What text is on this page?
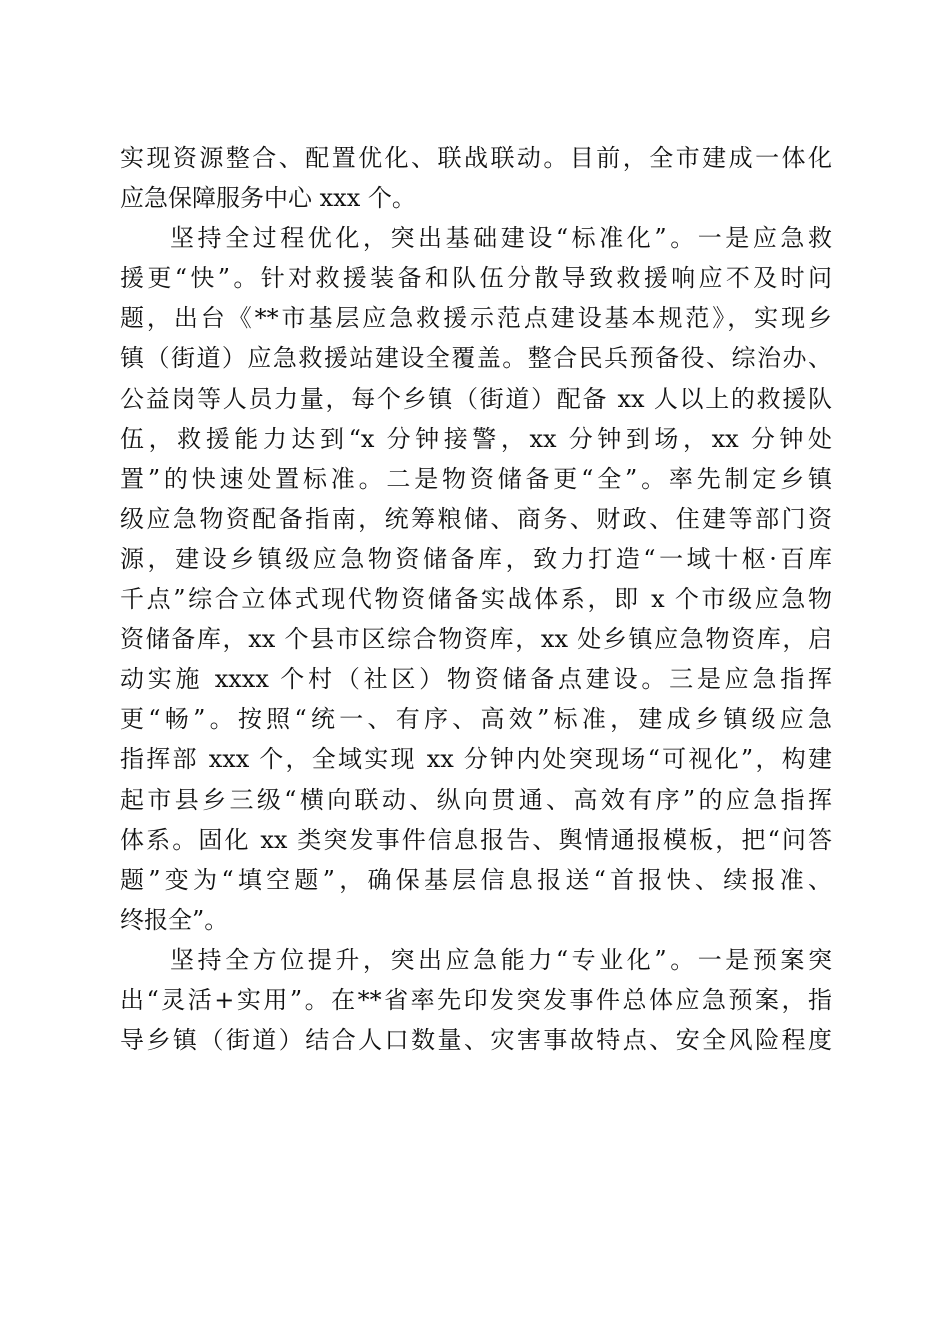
实现资源整合、配置优化、联战联动。目前，全市建成一体化
应急保障服务中心 xxx 个。
坚持全过程优化，突出基础建设“标准化”。一是应急救
援更“快”。针对救援装备和队伍分散导致救援响应不及时问
题，出台《**市基层应急救援示范点建设基本规范》，实现乡
镇（街道）应急救援站建设全覆盖。整合民兵预备役、综治办、
公益岗等人员力量，每个乡镇（街道）配备 xx 人以上的救援队
伍，救援能力达到“x 分钟接警，xx 分钟到场，xx 分钟处
置”的快速处置标准。二是物资储备更“全”。率先制定乡镇
级应急物资配备指南，统筹粮储、商务、财政、住建等部门资
源，建设乡镇级应急物资储备库，致力打造“一域十枢·百库
千点”综合立体式现代物资储备实战体系，即 x 个市级应急物
资储备库，xx 个县市区综合物资库，xx 处乡镇应急物资库，启
动实施 xxxx 个村（社区）物资储备点建设。三是应急指挥
更“畅”。按照“统一、有序、高效”标准，建成乡镇级应急
指挥部 xxx 个，全域实现 xx 分钟内处突现场“可视化”，构建
起市县乡三级“横向联动、纵向贯通、高效有序”的应急指挥
体系。固化 xx 类突发事件信息报告、舆情通报模板，把“问答
题”变为“填空题”，确保基层信息报送“首报快、续报准、
终报全”。
坚持全方位提升，突出应急能力“专业化”。一是预案突
出“灵活+实用”。在**省率先印发突发事件总体应急预案，指
导乡镇（街道）结合人口数量、灾害事故特点、安全风险程度
